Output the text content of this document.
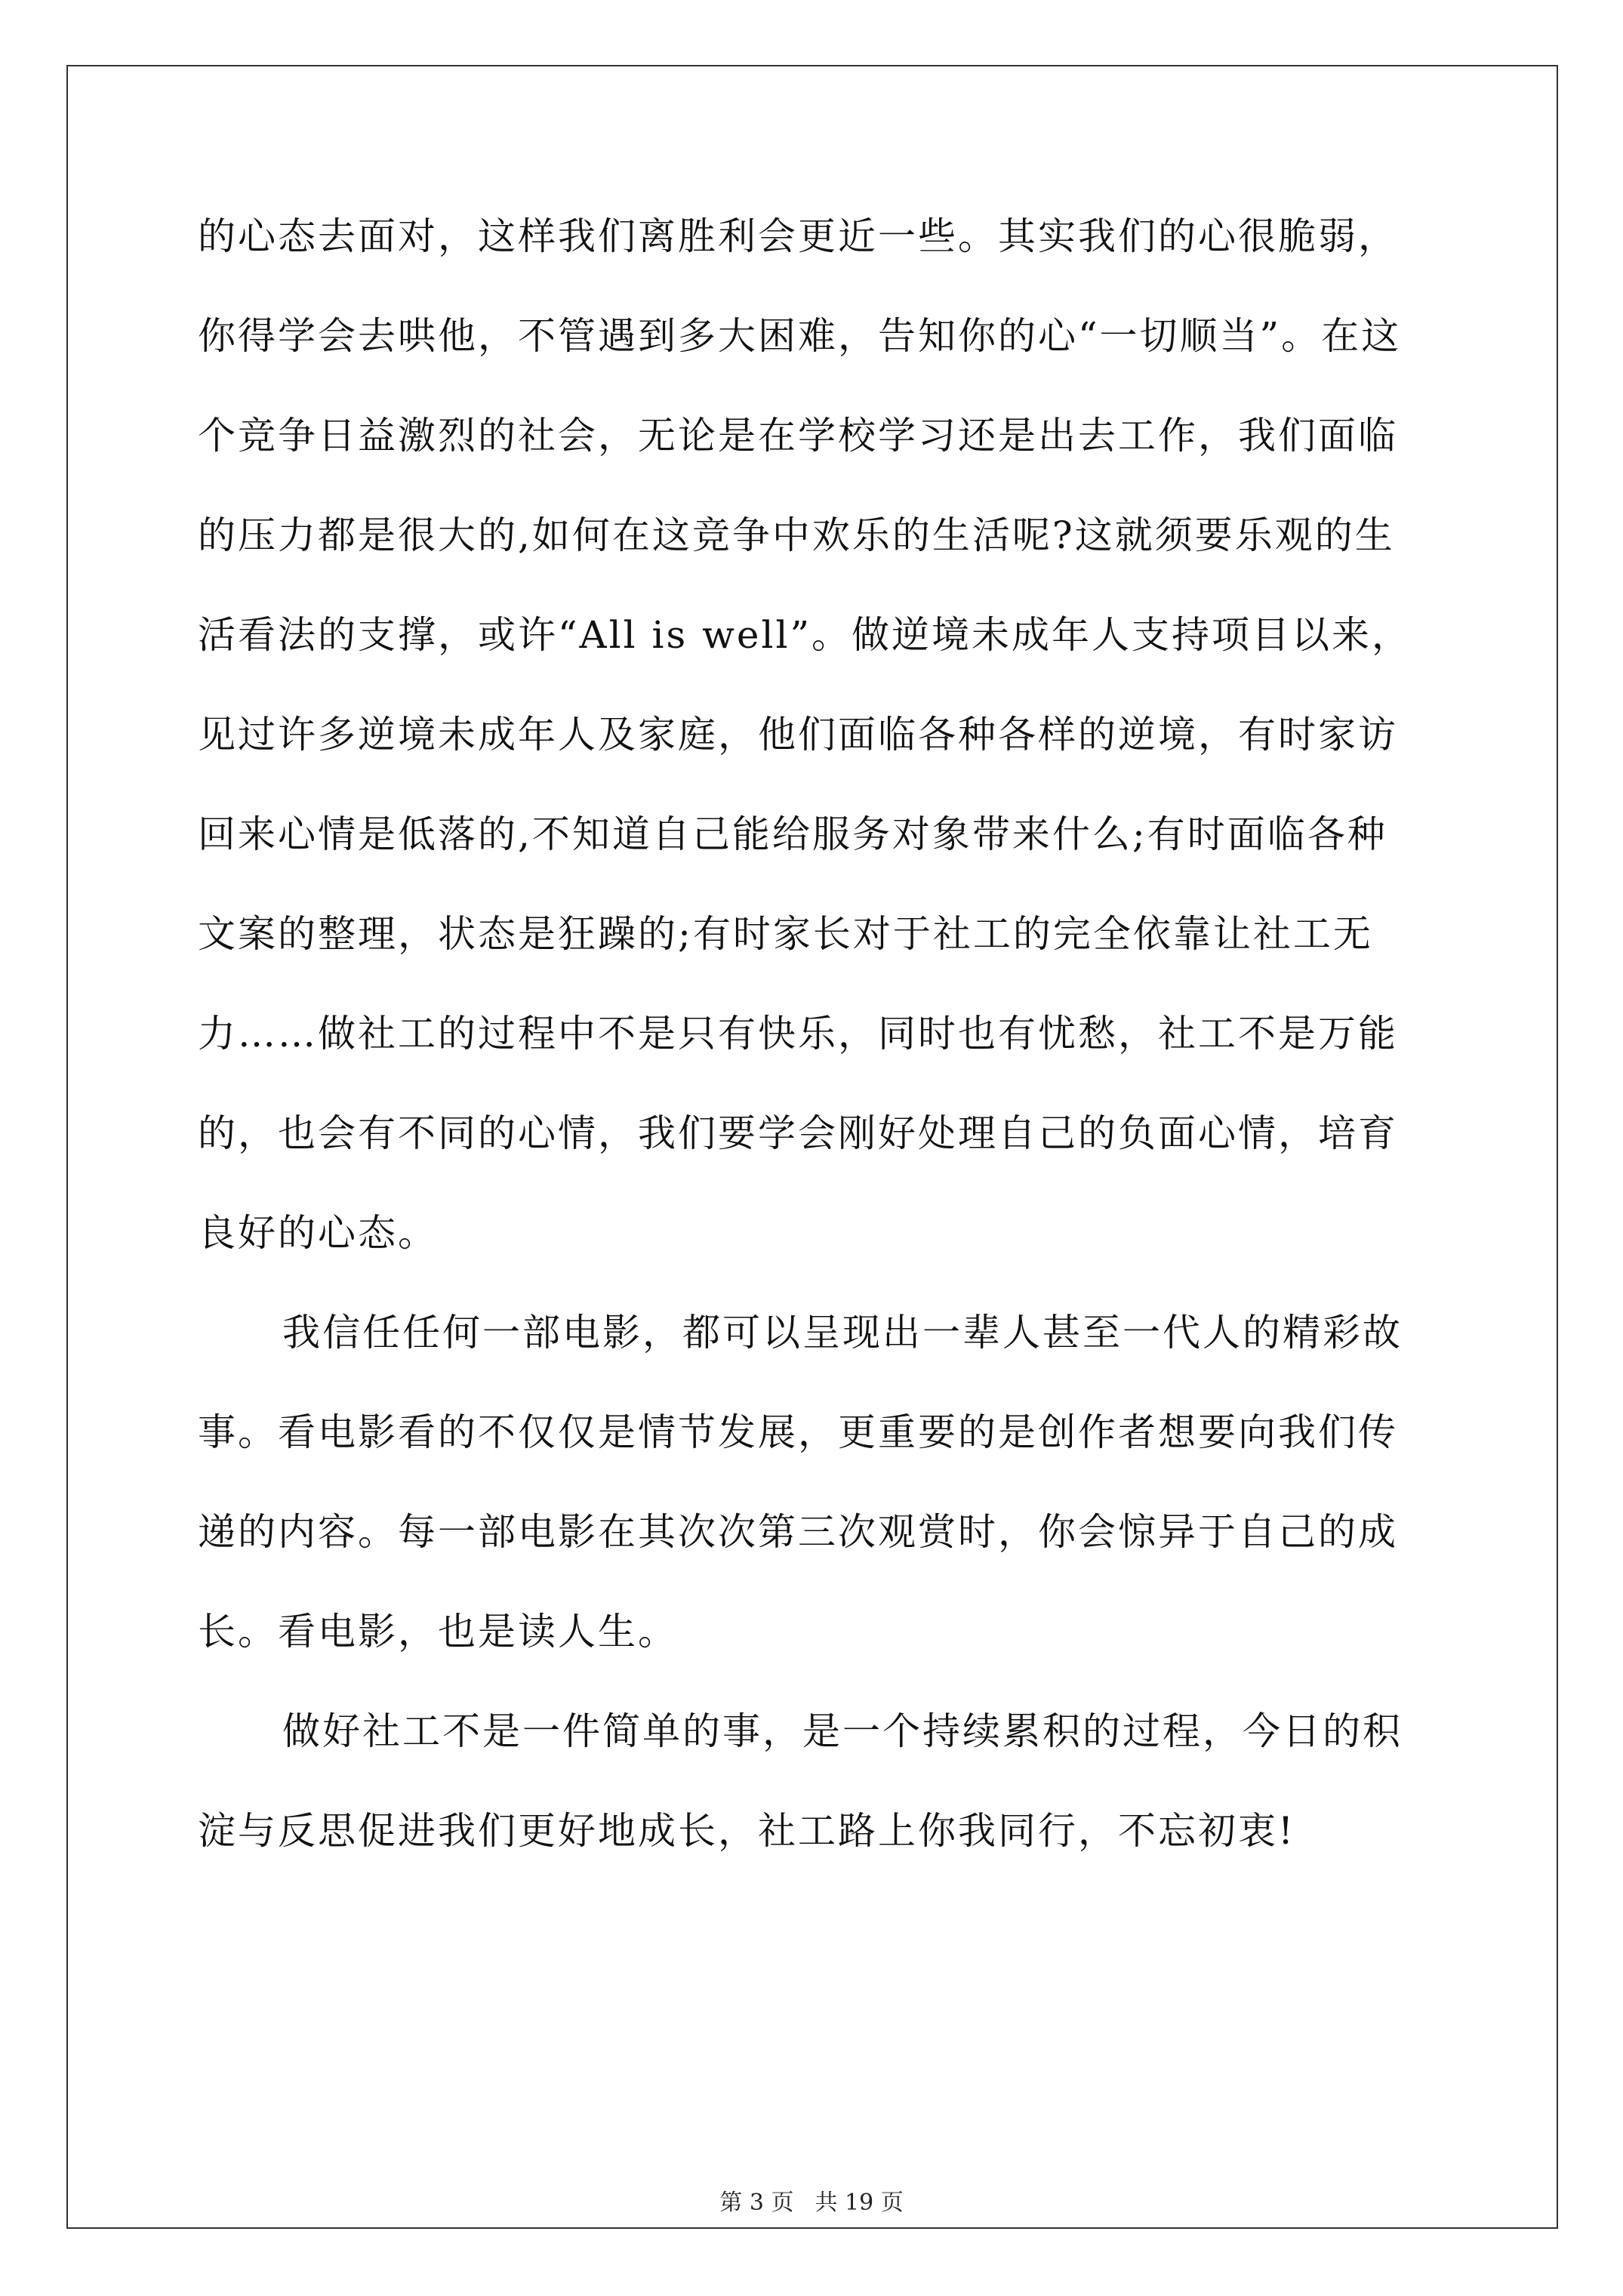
的心态去面对，这样我们离胜利会更近一些。其实我们的心很脆弱，
你得学会去哄他，不管遇到多大困难，告知你的心“一切顺当”。在这
个竞争日益激烈的社会，无论是在学校学习还是出去工作，我们面临
的压力都是很大的,如何在这竞争中欢乐的生活呢?这就须要乐观的生
活看法的支撑，或许“All is well”。做逆境未成年人支持项目以来，
见过许多逆境未成年人及家庭，他们面临各种各样的逆境，有时家访
回来心情是低落的,不知道自己能给服务对象带来什么;有时面临各种
文案的整理，状态是狂躁的;有时家长对于社工的完全依靠让社工无
力……做社工的过程中不是只有快乐，同时也有忧愁，社工不是万能
的，也会有不同的心情，我们要学会刚好处理自己的负面心情，培育
良好的心态。
我信任任何一部电影，都可以呈现出一辈人甚至一代人的精彩故
事。看电影看的不仅仅是情节发展，更重要的是创作者想要向我们传
递的内容。每一部电影在其次次第三次观赏时，你会惊异于自己的成
长。看电影，也是读人生。
做好社工不是一件简单的事，是一个持续累积的过程，今日的积
淀与反思促进我们更好地成长，社工路上你我同行，不忘初衷!
第 3 页 共 19 页
